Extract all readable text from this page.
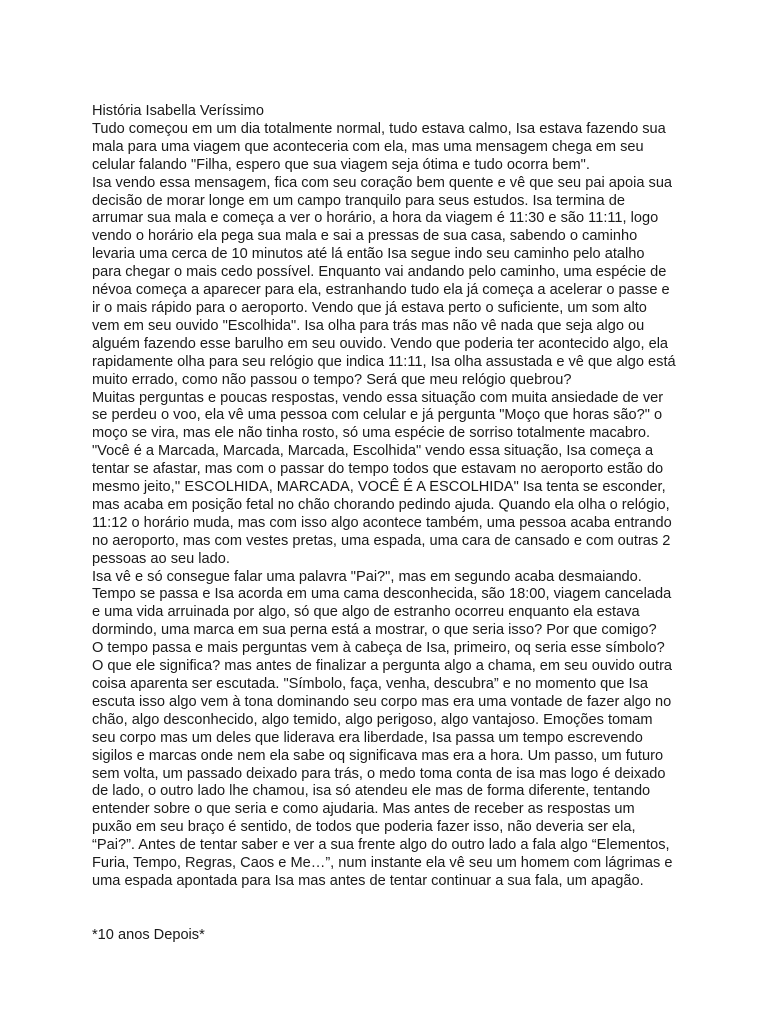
História Isabella Veríssimo

Tudo começou em um dia totalmente normal, tudo estava calmo, Isa estava fazendo sua mala para uma viagem que aconteceria com ela, mas uma mensagem chega em seu celular falando "Filha, espero que sua viagem seja ótima e tudo ocorra bem".

Isa vendo essa mensagem, fica com seu coração bem quente e vê que seu pai apoia sua decisão de morar longe em um campo tranquilo para seus estudos. Isa termina de arrumar sua mala e começa a ver o horário, a hora da viagem é 11:30 e são 11:11, logo vendo o horário ela pega sua mala e sai a pressas de sua casa, sabendo o caminho levaria uma cerca de 10 minutos até lá então Isa segue indo seu caminho pelo atalho para chegar o mais cedo possível. Enquanto vai andando pelo caminho, uma espécie de névoa começa a aparecer para ela, estranhando tudo ela já começa a acelerar o passe e ir o mais rápido para o aeroporto. Vendo que já estava perto o suficiente, um som alto vem em seu ouvido "Escolhida". Isa olha para trás mas não vê nada que seja algo ou alguém fazendo esse barulho em seu ouvido. Vendo que poderia ter acontecido algo, ela rapidamente olha para seu relógio que indica 11:11, Isa olha assustada e vê que algo está muito errado, como não passou o tempo? Será que meu relógio quebrou?

Muitas perguntas e poucas respostas, vendo essa situação com muita ansiedade de ver se perdeu o voo, ela vê uma pessoa com celular e já pergunta "Moço que horas são?" o moço se vira, mas ele não tinha rosto, só uma espécie de sorriso totalmente macabro.

"Você é a Marcada, Marcada, Marcada, Escolhida" vendo essa situação, Isa começa a tentar se afastar, mas com o passar do tempo todos que estavam no aeroporto estão do mesmo jeito,'' ESCOLHIDA, MARCADA, VOCÊ É A ESCOLHIDA" Isa tenta se esconder, mas acaba em posição fetal no chão chorando pedindo ajuda. Quando ela olha o relógio, 11:12 o horário muda, mas com isso algo acontece também, uma pessoa acaba entrando no aeroporto, mas com vestes pretas, uma espada, uma cara de cansado e com outras 2 pessoas ao seu lado.

Isa vê e só consegue falar uma palavra "Pai?", mas em segundo acaba desmaiando. Tempo se passa e Isa acorda em uma cama desconhecida, são 18:00, viagem cancelada e uma vida arruinada por algo, só que algo de estranho ocorreu enquanto ela estava dormindo, uma marca em sua perna está a mostrar, o que seria isso? Por que comigo?

O tempo passa e mais perguntas vem à cabeça de Isa, primeiro, oq seria esse símbolo? O que ele significa? mas antes de finalizar a pergunta algo a chama, em seu ouvido outra coisa aparenta ser escutada. "Símbolo, faça, venha, descubra” e no momento que Isa escuta isso algo vem à tona dominando seu corpo mas era uma vontade de fazer algo no chão, algo desconhecido, algo temido, algo perigoso, algo vantajoso. Emoções tomam seu corpo mas um deles que liderava era liberdade, Isa passa um tempo escrevendo sigilos e marcas onde nem ela sabe oq significava mas era a hora. Um passo, um futuro sem volta, um passado deixado para trás, o medo toma conta de isa mas logo é deixado de lado, o outro lado lhe chamou, isa só atendeu ele mas de forma diferente, tentando entender sobre o que seria e como ajudaria. Mas antes de receber as respostas um puxão em seu braço é sentido, de todos que poderia fazer isso, não deveria ser ela, “Pai?”. Antes de tentar saber e ver a sua frente algo do outro lado a fala algo “Elementos, Furia, Tempo, Regras, Caos e Me…”, num instante ela vê seu um homem com lágrimas e uma espada apontada para Isa mas antes de tentar continuar a sua fala, um apagão.

*10 anos Depois*
